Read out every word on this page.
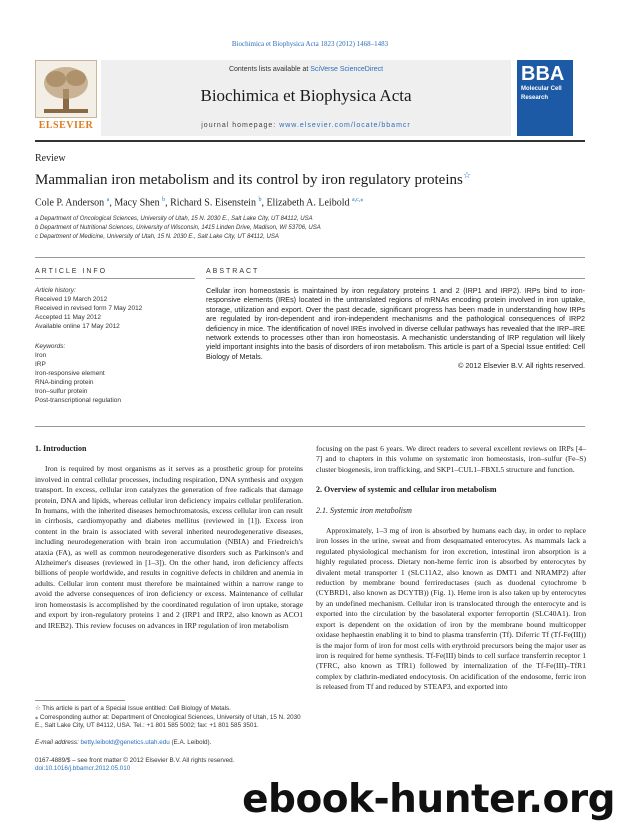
Biochimica et Biophysica Acta 1823 (2012) 1468–1483
ELSEVIER
Contents lists available at SciVerse ScienceDirect
Biochimica et Biophysica Acta
journal homepage: www.elsevier.com/locate/bbamcr
BBA
Molecular Cell
Research
Review
Mammalian iron metabolism and its control by iron regulatory proteins☆
Cole P. Anderson $^a$, Macy Shen $^b$, Richard S. Eisenstein $^b$, Elizabeth A. Leibold $^{a,c,⁎}$
a Department of Oncological Sciences, University of Utah, 15 N. 2030 E., Salt Lake City, UT 84112, USA
b Department of Nutritional Sciences, University of Wisconsin, 1415 Linden Drive, Madison, WI 53706, USA
c Department of Medicine, University of Utah, 15 N. 2030 E., Salt Lake City, UT 84112, USA
ARTICLE INFO	ABSTRACT
Article history:
Received 19 March 2012
Received in revised form 7 May 2012
Accepted 11 May 2012
Available online 17 May 2012
Keywords:
Iron
IRP
Iron-responsive element
RNA-binding protein
Iron–sulfur protein
Post-transcriptional regulation
Cellular iron homeostasis is maintained by iron regulatory proteins 1 and 2 (IRP1 and IRP2). IRPs bind to iron-responsive elements (IREs) located in the untranslated regions of mRNAs encoding protein involved in iron uptake, storage, utilization and export. Over the past decade, significant progress has been made in understanding how IRPs are regulated by iron-dependent and iron-independent mechanisms and the pathological consequences of IRP2 deficiency in mice. The identification of novel IREs involved in diverse cellular pathways has revealed that the IRP–IRE network extends to processes other than iron homeostasis. A mechanistic understanding of IRP regulation will likely yield important insights into the basis of disorders of iron metabolism. This article is part of a Special Issue entitled: Cell Biology of Metals.
© 2012 Elsevier B.V. All rights reserved.

1. Introduction

Iron is required by most organisms as it serves as a prosthetic group for proteins involved in central cellular processes, including respiration, DNA synthesis and oxygen transport. In excess, cellular iron catalyzes the generation of free radicals that damage protein, DNA and lipids, whereas cellular iron deficiency impairs cellular proliferation. In humans, with the inherited diseases hemochromatosis, excess cellular iron can result in cirrhosis, cardiomyopathy and diabetes mellitus (reviewed in [1]). Excess iron content in the brain is associated with several inherited neurodegenerative diseases, including neurodegeneration with brain iron accumulation (NBIA) and Friedreich's ataxia (FA), as well as common neurodegenerative disorders such as Parkinson's and Alzheimer's diseases (reviewed in [1–3]). On the other hand, iron deficiency affects billions of people worldwide, and results in cognitive defects in children and anemia in adults. Cellular iron content must therefore be maintained within a narrow range to avoid the adverse consequences of iron deficiency or excess. Maintenance of cellular iron homeostasis is accomplished by the coordinated regulation of iron uptake, storage and export by iron-regulatory proteins 1 and 2 (IRP1 and IRP2, also known as ACO1 and IREB2). This review focuses on advances in IRP regulation of iron metabolism

focusing on the past 6 years. We direct readers to several excellent reviews on IRPs [4–7] and to chapters in this volume on systematic iron homeostasis, iron–sulfur (Fe–S) cluster biogenesis, iron trafficking, and SKP1–CUL1–FBXL5 structure and function.

2. Overview of systemic and cellular iron metabolism

2.1. Systemic iron metabolism

Approximately, 1–3 mg of iron is absorbed by humans each day, in order to replace iron losses in the urine, sweat and from desquamated enterocytes. As mammals lack a regulated physiological mechanism for iron excretion, intestinal iron absorption is a highly regulated process. Dietary non-heme ferric iron is absorbed by enterocytes by divalent metal transporter 1 (SLC11A2, also known as DMT1 and NRAMP2) after reduction by membrane bound ferrireductases (such as duodenal cytochrome b (CYBRD1, also known as DCYTB)) (Fig. 1). Heme iron is also taken up by enterocytes by an undefined mechanism. Cellular iron is translocated through the enterocyte and is exported into the circulation by the basolateral exporter ferroportin (SLC40A1). Iron export is dependent on the oxidation of iron by the membrane bound multicopper oxidase hephaestin enabling it to bind to plasma transferrin (Tf). Diferric Tf (Tf-Fe(III)) is the major form of iron for most cells with erythroid precursors being the major user as iron is required for heme synthesis. Tf-Fe(III) binds to cell surface transferrin receptor 1 (TFRC, also known as TfR1) followed by internalization of the Tf-Fe(III)–TfR1 complex by clathrin-mediated endocytosis. On acidification of the endosome, ferric iron is released from Tf and reduced by STEAP3, and exported into

☆ This article is part of a Special Issue entitled: Cell Biology of Metals.
⁎ Corresponding author at: Department of Oncological Sciences, University of Utah, 15 N. 2030 E., Salt Lake City, UT 84112, USA. Tel.: +1 801 585 5002; fax: +1 801 585 3501.
E-mail address: betty.leibold@genetics.utah.edu (E.A. Leibold).
0167-4889/$ – see front matter © 2012 Elsevier B.V. All rights reserved.
doi:10.1016/j.bbamcr.2012.05.010
ebook-hunter.org
